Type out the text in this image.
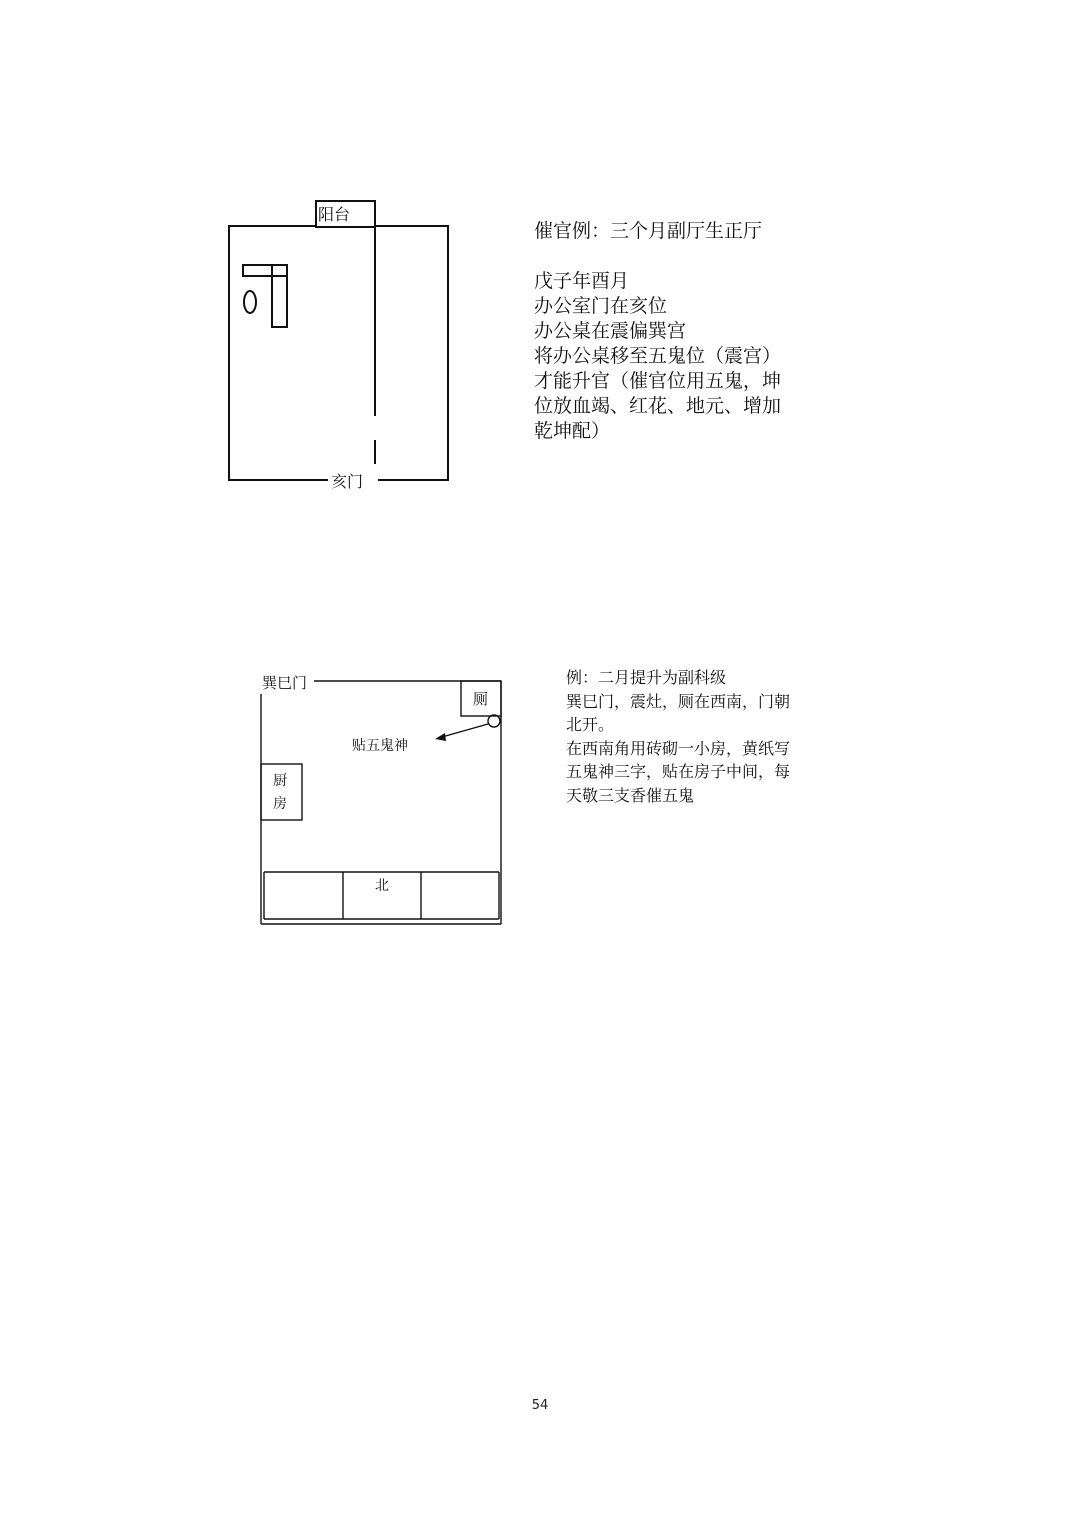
阳台
亥门
巽巳门
厕
贴五鬼神
厨
房
北

催官例：三个月副厅生正厅

戊子年酉月

办公室门在亥位

办公桌在震偏巽宫

将办公桌移至五鬼位（震宫）

才能升官（催官位用五鬼，坤

位放血竭、红花、地元、增加

乾坤配）

例：二月提升为副科级

巽巳门，震灶，厕在西南，门朝

北开。

在西南角用砖砌一小房，黄纸写

五鬼神三字，贴在房子中间，每

天敬三支香催五鬼

54
